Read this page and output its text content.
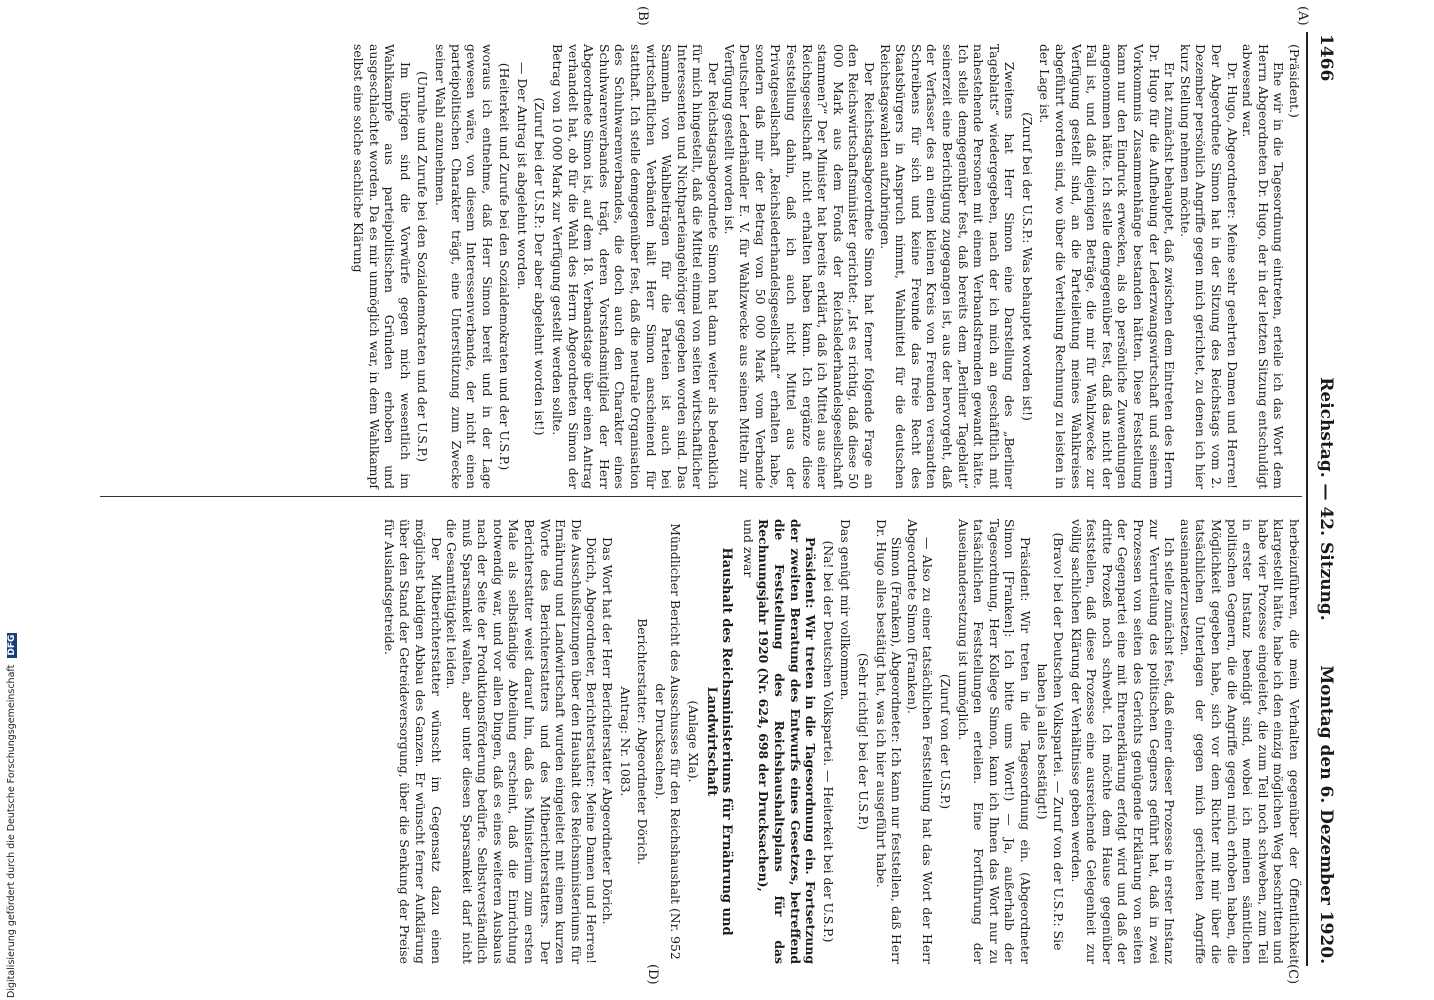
1466
Reichstag. — 42. Sitzung.
Montag den 6. Dezember 1920.
(A)
(B)
(C)
(D)

(Präsident.)

Ehe wir in die Tagesordnung eintreten, erteile ich das Wort dem Herrn Abgeordneten Dr. Hugo, der in der letzten Sitzung entschuldigt abwesend war.

Dr. Hugo, Abgeordneter: Meine sehr geehrten Damen und Herren! Der Abgeordnete Simon hat in der Sitzung des Reichstags vom 2. Dezember persönlich Angriffe gegen mich gerichtet, zu denen ich hier kurz Stellung nehmen möchte.

Er hat zunächst behauptet, daß zwischen dem Eintreten des Herrn Dr. Hugo für die Aufhebung der Lederzwangswirtschaft und seinem Vorkommnis Zusammenhänge bestanden hätten. Diese Feststellung kann nur den Eindruck erwecken, als ob persönliche Zuwendungen angenommen hätte. Ich stelle demgegenüber fest, daß das nicht der Fall ist, und daß diejenigen Beträge, die mir für Wahlzwecke zur Verfügung gestellt sind, an die Parteileitung meines Wahlkreises abgeführt worden sind, wo über die Verteilung Rechnung zu leisten in der Lage ist.

(Zuruf bei der U.S.P.: Was behauptet worden ist!)

Zweitens hat Herr Simon eine Darstellung des „Berliner Tageblatts“ wiedergegeben, nach der ich mich an geschäftlich mit nahestehende Personen mit einem Verbandsfremden gewandt hätte. Ich stelle demgegenüber fest, daß bereits dem „Berliner Tageblatt“ seinerzeit eine Berichtigung zugegangen ist, aus der hervorgeht, daß der Verfasser des an einen kleinen Kreis von Freunden versandten Schreibens für sich und keine Freunde das freie Recht des Staatsbürgers in Anspruch nimmt, Wahlmittel für die deutschen Reichstagswahlen aufzubringen.

Der Reichstagsabgeordnete Simon hat ferner folgende Frage an den Reichswirtschaftsminister gerichtet: „Ist es richtig, daß diese 50 000 Mark aus dem Fonds der Reichslederhandelsgesellschaft stammen?“ Der Minister hat bereits erklärt, daß ich Mittel aus einer Reichsgesellschaft nicht erhalten haben kann. Ich ergänze diese Feststellung dahin, daß ich auch nicht Mittel aus der Privatgesellschaft „Reichslederhandelsgesellschaft“ erhalten habe, sondern daß mir der Betrag von 50 000 Mark vom Verbande Deutscher Lederhändler E. V. für Wahlzwecke aus seinen Mitteln zur Verfügung gestellt worden ist.

Der Reichstagsabgeordnete Simon hat dann weiter als bedenklich für mich hingestellt, daß die Mittel einmal von seiten wirtschaftlicher Interessenten und Nichtparteiangehöriger gegeben worden sind. Das Sammeln von Wahlbeiträgen für die Parteien ist auch bei wirtschaftlichen Verbänden hält Herr Simon anscheinend für statthaft. Ich stelle demgegenüber fest, daß die neutrale Organisation des Schuhwarenverbandes, die doch auch den Charakter eines Schuhwarenverbandes trägt, deren Vorstandsmitglied der Herr Abgeordnete Simon ist, auf dem 18. Verbandstage über einen Antrag verhandelt hat, ob für die Wahl des Herrn Abgeordneten Simon der Betrag von 10 000 Mark zur Verfügung gestellt werden sollte.

(Zuruf bei der U.S.P.: Der aber abgelehnt worden ist!)

— Der Antrag ist abgelehnt worden.

(Heiterkeit und Zurufe bei den Sozialdemokraten und der U.S.P.)

woraus ich entnehme, daß Herr Simon bereit und in der Lage gewesen wäre, von diesem Interessenverbande, der nicht einen parteipolitischen Charakter trägt, eine Unterstützung zum Zwecke seiner Wahl anzunehmen.

(Unruhe und Zurufe bei den Sozialdemokraten und der U.S.P.)

Im übrigen sind die Vorwürfe gegen mich wesentlich im Wahlkampfe aus parteipolitischen Gründen erhoben und ausgeschlachtet worden. Da es mir unmöglich war, in dem Wahlkampf selbst eine solche sachliche Klärung

herbeizuführen, die mein Verhalten gegenüber der Öffentlichkeit klargestellt hätte, habe ich den einzig möglichen Weg beschritten und habe vier Prozesse eingeleitet, die zum Teil noch schweben, zum Teil in erster Instanz beendigt sind, wobei ich meinen sämtlichen politischen Gegnern, die die Angriffe gegen mich erhoben haben, die Möglichkeit gegeben habe, sich vor dem Richter mit mir über die tatsächlichen Unterlagen der gegen mich gerichteten Angriffe auseinanderzusetzen.

Ich stelle zunächst fest, daß einer dieser Prozesse in erster Instanz zur Verurteilung des politischen Gegners geführt hat, daß in zwei Prozessen von seiten des Gerichts genügende Erklärung von seiten der Gegenpartei eine mit Ehrenerklärung erfolgt wird und daß der dritte Prozeß noch schwebt. Ich möchte dem Hause gegenüber feststellen, daß diese Prozesse eine ausreichende Gelegenheit zur völlig sachlichen Klärung der Verhältnisse geben werden.

(Bravo! bei der Deutschen Volkspartei. — Zuruf von der U.S.P.: Sie haben ja alles bestätigt!)

Präsident: Wir treten in die Tagesordnung ein. (Abgeordneter Simon [Franken]: Ich bitte ums Wort!) — Ja, außerhalb der Tagesordnung, Herr Kollege Simon, kann ich Ihnen das Wort nur zu tatsächlichen Feststellungen erteilen. Eine Fortführung der Auseinandersetzung ist unmöglich.

(Zuruf von der U.S.P.)

— Also zu einer tatsächlichen Feststellung hat das Wort der Herr Abgeordnete Simon (Franken).

Simon (Franken), Abgeordneter: Ich kann nur feststellen, daß Herr Dr. Hugo alles bestätigt hat, was ich hier ausgeführt habe.

(Sehr richtig! bei der U.S.P.)

Das genügt mir vollkommen.

(Na! bei der Deutschen Volkspartei. — Heiterkeit bei der U.S.P.)

Präsident: Wir treten in die Tagesordnung ein. Fortsetzung der zweiten Beratung des Entwurfs eines Gesetzes, betreffend die Feststellung des Reichshaushaltsplans für das Rechnungsjahr 1920 (Nr. 624, 698 der Drucksachen),

und zwar

Haushalt des Reichsministeriums für Ernährung und Landwirtschaft

(Anlage XIa).

Mündlicher Bericht des Ausschusses für den Reichshaushalt (Nr. 952 der Drucksachen).

Berichterstatter: Abgeordneter Dörich.

Antrag: Nr. 1083.

Das Wort hat der Herr Berichterstatter Abgeordneter Dörich.

Dörich, Abgeordneter, Berichterstatter: Meine Damen und Herren! Die Ausschußsitzungen über den Haushalt des Reichsministeriums für Ernährung und Landwirtschaft wurden eingeleitet mit einem kurzen Worte des Berichterstatters und des Mitberichterstatters. Der Berichterstatter weist darauf hin, daß das Ministerium zum ersten Male als selbständige Abteilung erscheint, daß die Einrichtung notwendig war, und vor allen Dingen, daß es eines weiteren Ausbaus nach der Seite der Produktionsförderung bedürfe. Selbstverständlich muß Sparsamkeit walten, aber unter diesen Sparsamkeit darf nicht die Gesamttätigkeit leiden.

Der Mitberichterstatter wünscht im Gegensatz dazu einen möglichst baldigen Abbau des Ganzen. Er wünscht ferner Aufklärung über den Stand der Getreideversorgung, über die Senkung der Preise für Auslandsgetreide.

Digitalisierung gefördert durch die Deutsche Forschungsgemeinschaft DFG
